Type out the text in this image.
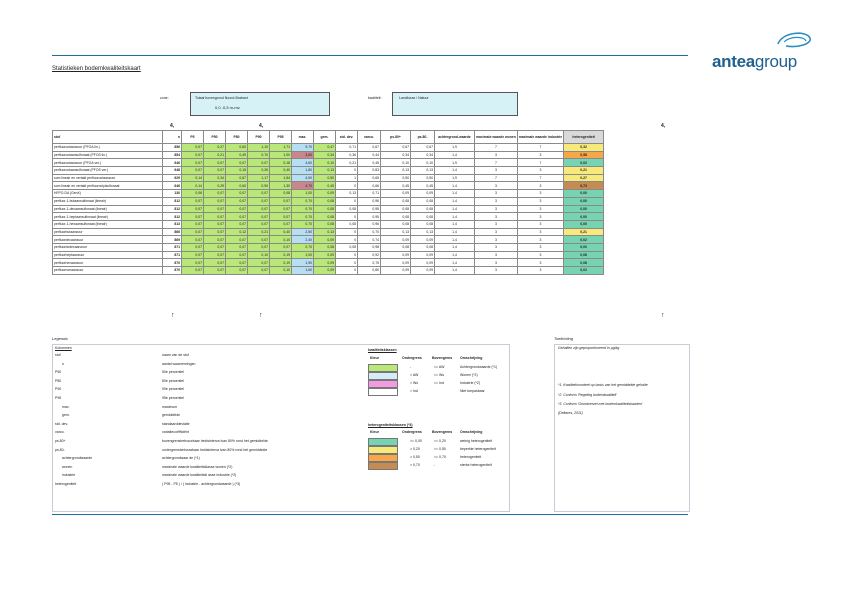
anteagroup
Statistieken bodemkwaliteitskaart
zone:	Totaal bovengrond Noord-Brabant
0,0 -0,5 m-mv.
kwaliteit:	Landbouw / Natuur
4,	4,	4,
stof	n	P5	P50	P80	P90	P95	max.	gem.	std. dev.	varco.	ps.80+	ps.80-	achtergrond-waarde	maximale waarde wonen	maximale waarde industrie	heterogeniteit
perfluoroctaanzuur (PFOA lin.)	856	0,07	0,27	0,60	1,10	1,71	9,70	0,47	0,71	0,67	0,67	0,67	1,9	7	7	0,32
perfluoroctaansulfonaat (PFOS lin.)	854	0,07	0,21	0,49	0,70	1,00	3,60	0,34	0,36	0,44	0,34	0,34	1,4	3	3	0,58
perfluoroctaanzuur (PFOA ver.)	646	0,07	0,07	0,07	0,07	0,18	4,60	0,10	0,21	0,45	0,10	0,10	1,9	7	7	0,02
perfluoroctaansulfonaat (PFOS ver.)	648	0,07	0,07	0,15	0,26	0,40	1,80	0,13	0	0,83	0,13	0,13	1,4	3	3	0,21
som lineair en vertakt perfluoroctaanzuur	629	0,14	0,34	0,67	1,17	1,54	4,90	0,50	1	0,65	0,50	0,50	1,9	7	7	0,27
som lineair en vertakt perfluoroctylsulfonaat	646	0,14	0,29	0,60	0,90	1,30	4,70	0,45	0	0,66	0,45	0,45	1,4	3	3	0,73
HFPO-DA (GenX)	130	0,06	0,07	0,07	0,07	0,08	1,00	0,09	0,13	0,71	0,09	0,09	1,4	3	3	0,00
perfluor-1-butaansulfonaat (lineair)	812	0,07	0,07	0,07	0,07	0,07	0,70	0,08	0	0,96	0,08	0,08	1,4	3	3	0,00
perfluor-1-decaansulfonaat (lineair)	812	0,07	0,07	0,07	0,07	0,07	0,70	0,08	0,08	0,95	0,08	0,08	1,4	3	3	0,00
perfluor-1-heptaansulfonaat (lineair)	812	0,07	0,07	0,07	0,07	0,07	0,70	0,08	0	0,95	0,08	0,08	1,4	3	3	0,00
perfluor-1-hexaansulfonaat (lineair)	813	0,07	0,07	0,07	0,07	0,07	0,70	0,08	0,08	0,96	0,08	0,08	1,4	3	3	0,00
perfluorbutaanzuur	866	0,07	0,07	0,12	0,21	0,40	2,50	0,13	0	0,70	0,13	0,13	1,4	3	3	0,21
perfluordecaanzuur	869	0,07	0,07	0,07	0,07	0,10	2,40	0,09	0	0,74	0,09	0,09	1,4	3	3	0,02
perfluordodecaanzuur	871	0,07	0,07	0,07	0,07	0,07	0,70	0,08	0,08	0,98	0,08	0,08	1,4	3	3	0,00
perfluorheptaanzuur	871	0,07	0,07	0,07	0,10	0,19	1,00	0,09	0	0,92	0,09	0,09	1,4	3	3	0,08
perfluorhexaanzuur	870	0,07	0,07	0,07	0,07	0,19	1,90	0,09	0	0,75	0,09	0,09	1,4	3	3	0,08
perfluornonaanzuur	870	0,07	0,07	0,07	0,07	0,10	1,60	0,09	0	0,80	0,09	0,09	1,4	3	3	0,02
↑	↑	↑
Legenda
Kolommen
stof	naam van de stof
n	aantal waarnemingen
P50	50e percentiel
P80	80e percentiel
P90	90e percentiel
P95	95e percentiel
max.	maximum
gem.	gemiddelde
std. dev.	standaarddeviatie
varco.	variatiecoëfficiënt
ps.80+	bovengrensbetrouwbaar heidsinterva lvan 80% rond het gemiddelde
ps.80-	ondergrensbetrouwbaar heidsinterva lvan 80% rond het gemiddelde
achtergrondwaarde	achtergrondwaar de (*1)
wonen	maximale waarde kwaliteitsklasse wonen (*2)
industrie	maximale waarde kwaliteitskl asse industrie (*2)
heterogeniteit	( P95 - P5 ) / ( industrie - achtergrondwaarde ) (*3)
kwaliteitsklassen
Kleur	Ondergrens	Bovengrens Omschrijving
-	<= AW	Achtergrondwaarde (*1)
> AW	<= Wo	Wonen (*2)
> Wo	<= Ind	Industrie (*2)
> Ind	Niet toepasbaar
heterogeniteitsklassen (*3)
Kleur	Ondergrens	Bovengrens Omschrijving
>= 0,00	<= 0,20	weinig heterogeniteit
> 0,20	<= 0,50	beperkte heterogeniteit
> 0,50	<= 0,70	heterogeniteit
> 0,70	-	sterke heterogeniteit
Toelichting
Gehalten zijn geproportioneerd in µg/kg
*1. Kwaliteitsoordeel op basis van het gemiddelde gehalte
*2. Conform 'Regeling bodemkwaliteit'
*3. Conform 'Grondverzet met bodemkwaliteitskaarten'
(Deltares, 2011)
